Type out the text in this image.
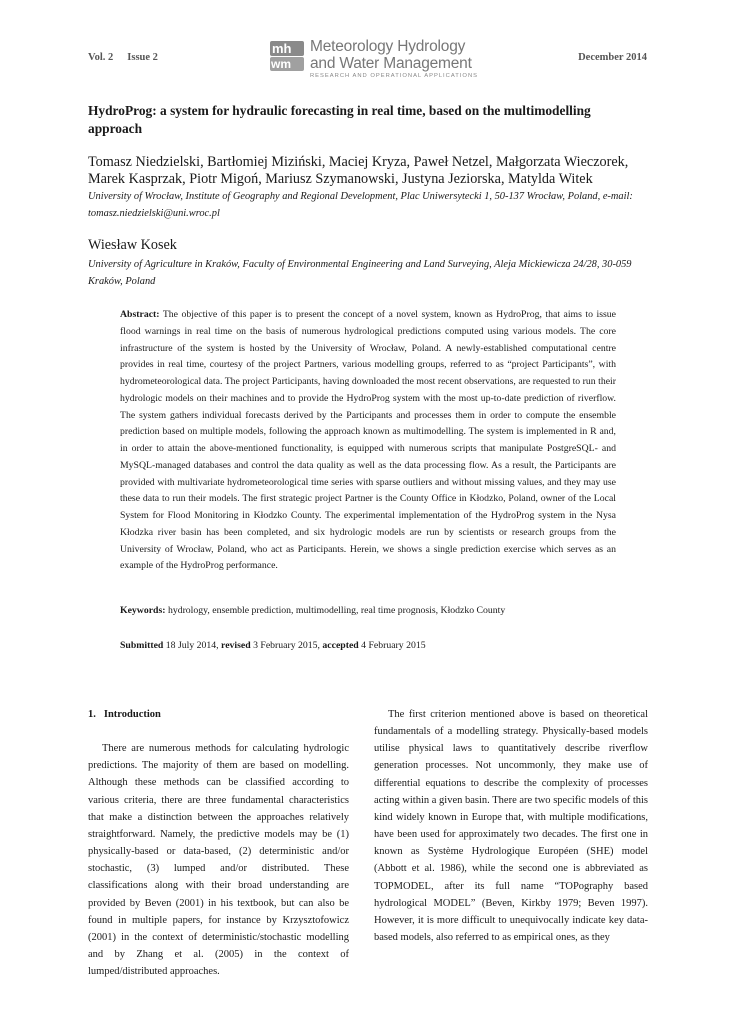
Vol. 2 Issue 2
mh
wm
Meteorology Hydrology
and Water Management
RESEARCH AND OPERATIONAL APPLICATIONS
December 2014
HydroProg: a system for hydraulic forecasting in real time, based on the multimodelling approach
Tomasz Niedzielski, Bartłomiej Miziński, Maciej Kryza, Paweł Netzel, Małgorzata Wieczorek, Marek Kasprzak, Piotr Migoń, Mariusz Szymanowski, Justyna Jeziorska, Matylda Witek
University of Wrocław, Institute of Geography and Regional Development, Plac Uniwersytecki 1, 50-137 Wrocław, Poland, e-mail: tomasz.niedzielski@uni.wroc.pl
Wiesław Kosek
University of Agriculture in Kraków, Faculty of Environmental Engineering and Land Surveying, Aleja Mickiewicza 24/28, 30-059 Kraków, Poland
Abstract: The objective of this paper is to present the concept of a novel system, known as HydroProg, that aims to issue flood warnings in real time on the basis of numerous hydrological predictions computed using various models. The core infrastructure of the system is hosted by the University of Wrocław, Poland. A newly-established computational centre provides in real time, courtesy of the project Partners, various modelling groups, referred to as “project Participants”, with hydrometeorological data. The project Participants, having downloaded the most recent observations, are requested to run their hydrologic models on their machines and to provide the HydroProg system with the most up-to-date prediction of riverflow. The system gathers individual forecasts derived by the Participants and processes them in order to compute the ensemble prediction based on multiple models, following the approach known as multimodelling. The system is implemented in R and, in order to attain the above-mentioned functionality, is equipped with numerous scripts that manipulate PostgreSQL- and MySQL-managed databases and control the data quality as well as the data processing flow. As a result, the Participants are provided with multivariate hydrometeorological time series with sparse outliers and without missing values, and they may use these data to run their models. The first strategic project Partner is the County Office in Kłodzko, Poland, owner of the Local System for Flood Monitoring in Kłodzko County. The experimental implementation of the HydroProg system in the Nysa Kłodzka river basin has been completed, and six hydrologic models are run by scientists or research groups from the University of Wrocław, Poland, who act as Participants. Herein, we shows a single prediction exercise which serves as an example of the HydroProg performance.
Keywords: hydrology, ensemble prediction, multimodelling, real time prognosis, Kłodzko County
Submitted 18 July 2014, revised 3 February 2015, accepted 4 February 2015
1. Introduction

There are numerous methods for calculating hydrologic predictions. The majority of them are based on modelling. Although these methods can be classified according to various criteria, there are three fundamental characteristics that make a distinction between the approaches relatively straightforward. Namely, the predictive models may be (1) physically-based or data-based, (2) deterministic and/or stochastic, (3) lumped and/or distributed. These classifications along with their broad understanding are provided by Beven (2001) in his textbook, but can also be found in multiple papers, for instance by Krzysztofowicz (2001) in the context of deterministic/stochastic modelling and by Zhang et al. (2005) in the context of lumped/distributed approaches.

The first criterion mentioned above is based on theoretical fundamentals of a modelling strategy. Physically-based models utilise physical laws to quantitatively describe riverflow generation processes. Not uncommonly, they make use of differential equations to describe the complexity of processes acting within a given basin. There are two specific models of this kind widely known in Europe that, with multiple modifications, have been used for approximately two decades. The first one in known as Système Hydrologique Européen (SHE) model (Abbott et al. 1986), while the second one is abbreviated as TOPMODEL, after its full name “TOPography based hydrological MODEL” (Beven, Kirkby 1979; Beven 1997). However, it is more difficult to unequivocally indicate key data-based models, also referred to as empirical ones, as they
